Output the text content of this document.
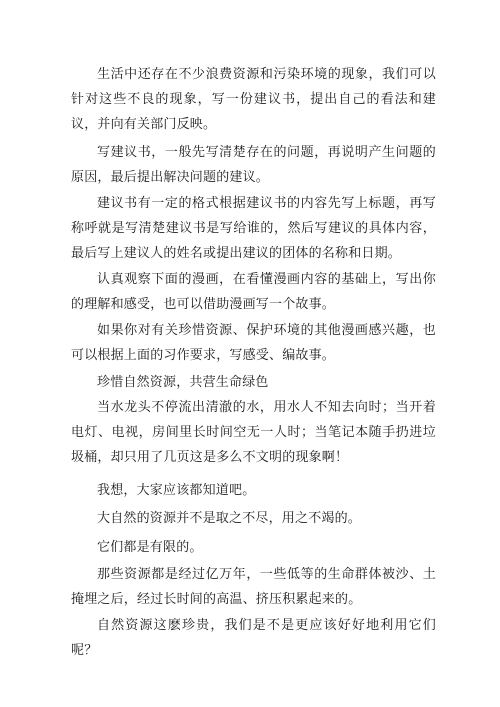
生活中还存在不少浪费资源和污染环境的现象，我们可以针对这些不良的现象，写一份建议书，提出自己的看法和建议，并向有关部门反映。

写建议书，一般先写清楚存在的问题，再说明产生问题的原因，最后提出解决问题的建议。

建议书有一定的格式根据建议书的内容先写上标题，再写称呼就是写清楚建议书是写给谁的，然后写建议的具体内容，最后写上建议人的姓名或提出建议的团体的名称和日期。

认真观察下面的漫画，在看懂漫画内容的基础上，写出你的理解和感受，也可以借助漫画写一个故事。

如果你对有关珍惜资源、保护环境的其他漫画感兴趣，也可以根据上面的习作要求，写感受、编故事。

珍惜自然资源，共营生命绿色

当水龙头不停流出清澈的水，用水人不知去向时；当开着电灯、电视，房间里长时间空无一人时；当笔记本随手扔进垃圾桶，却只用了几页这是多么不文明的现象啊！

我想，大家应该都知道吧。

大自然的资源并不是取之不尽，用之不竭的。

它们都是有限的。

那些资源都是经过亿万年，一些低等的生命群体被沙、土掩埋之后，经过长时间的高温、挤压积累起来的。

自然资源这麽珍贵，我们是不是更应该好好地利用它们呢？
